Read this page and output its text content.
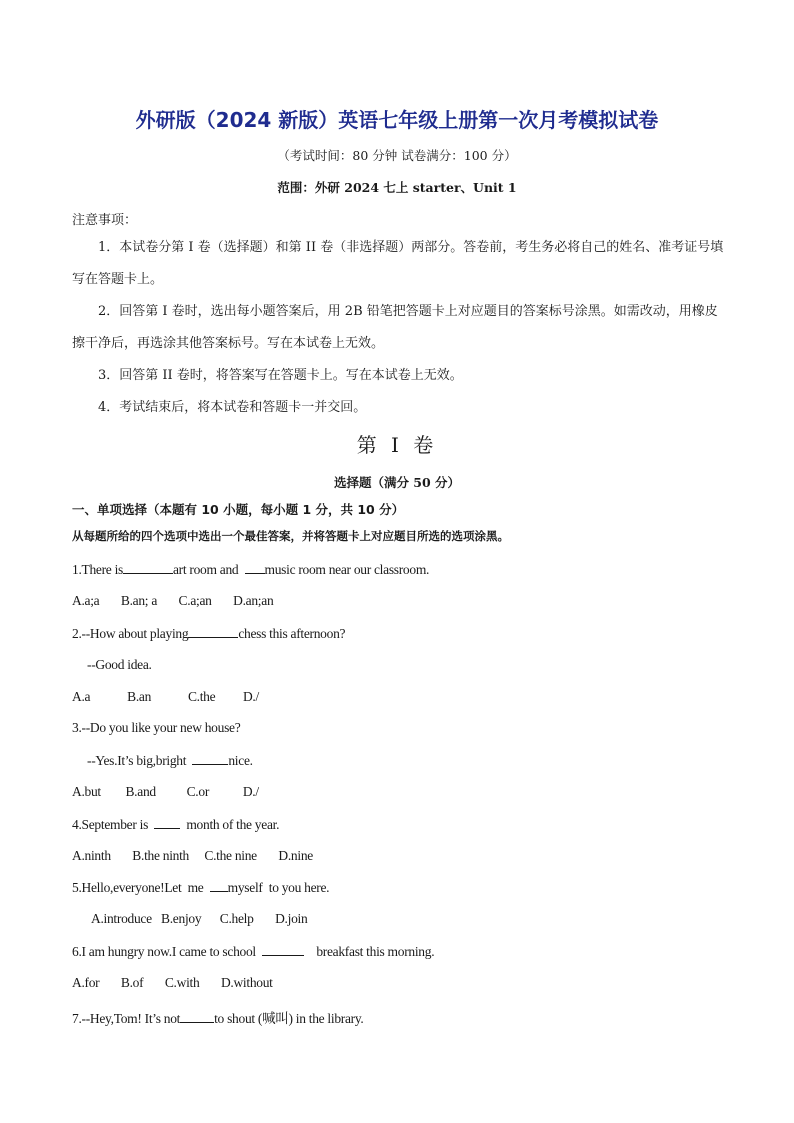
外研版（2024 新版）英语七年级上册第一次月考模拟试卷
（考试时间：80 分钟 试卷满分：100 分）
范围：外研 2024 七上 starter、Unit 1
注意事项：

1．本试卷分第 I 卷（选择题）和第 II 卷（非选择题）两部分。答卷前，考生务必将自己的姓名、准考证号填写在答题卡上。

2．回答第 I 卷时，选出每小题答案后，用 2B 铅笔把答题卡上对应题目的答案标号涂黑。如需改动，用橡皮擦干净后，再选涂其他答案标号。写在本试卷上无效。

3．回答第 II 卷时，将答案写在答题卡上。写在本试卷上无效。

4．考试结束后，将本试卷和答题卡一并交回。

第 I 卷
选择题（满分 50 分）
一、单项选择（本题有 10 小题，每小题 1 分，共 10 分）
从每题所给的四个选项中选出一个最佳答案，并将答题卡上对应题目所选的选项涂黑。
1.There is	art room and  music room near our classroom.
A.a;a       B.an; a       C.a;an       D.an;an
2.--How about playing	chess this afternoon?
--Good idea.
A.a            B.an            C.the         D./
3.--Do you like your new house?
--Yes.It’s big,bright	nice.
A.but        B.and          C.or           D./
4.September is    month of the year.
A.ninth       B.the ninth     C.the nine       D.nine
5.Hello,everyone!Let  me  myself  to you here.
A.introduce   B.enjoy      C.help       D.join
6.I am hungry now.I came to school	breakfast this morning.
A.for       B.of       C.with       D.without
7.--Hey,Tom! It’s not	to shout (喊叫) in the library.
